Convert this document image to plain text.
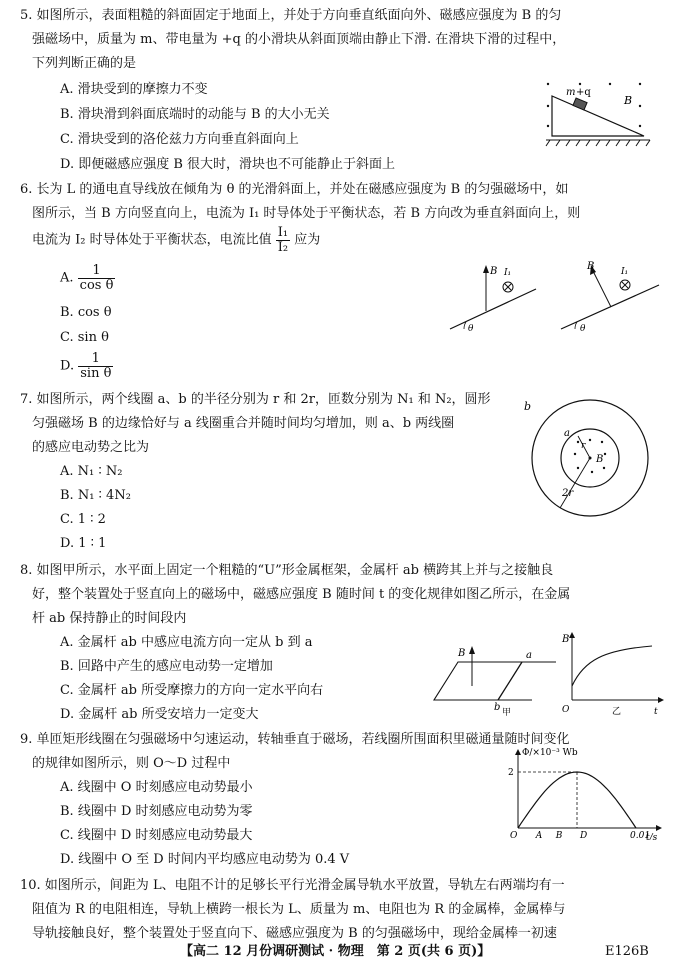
5. 如图所示，表面粗糙的斜面固定于地面上，并处于方向垂直纸面向外、磁感应强度为 B 的匀
强磁场中，质量为 m、带电量为 +q 的小滑块从斜面顶端由静止下滑. 在滑块下滑的过程中，
下列判断正确的是
A. 滑块受到的摩擦力不变
B. 滑块滑到斜面底端时的动能与 B 的大小无关
C. 滑块受到的洛伦兹力方向垂直斜面向上
D. 即便磁感应强度 B 很大时，滑块也不可能静止于斜面上
m +q
B
6. 长为 L 的通电直导线放在倾角为 θ 的光滑斜面上，并处在磁感应强度为 B 的匀强磁场中，如
图所示，当 B 方向竖直向上，电流为 I₁ 时导体处于平衡状态，若 B 方向改为垂直斜面向上，则
电流为 I₂ 时导体处于平衡状态，电流比值 $\frac{\text{I₁}}{\text{I₂}}$ 应为
A. $\frac{1}{\text{cos θ}}$
B. cos θ
C. sin θ
D. $\frac{1}{\text{sin θ}}$
B I₁
θ
B	I₁
θ
7. 如图所示，两个线圈 a、b 的半径分别为 r 和 2r，匝数分别为 N₁ 和 N₂，圆形
匀强磁场 B 的边缘恰好与 a 线圈重合并随时间均匀增加，则 a、b 两线圈
的感应电动势之比为
A. N₁ ∶ N₂
B. N₁ ∶ 4N₂
C. 1 ∶ 2
D. 1 ∶ 1
b
a
r
B
2r
8. 如图甲所示，水平面上固定一个粗糙的“U”形金属框架，金属杆 ab 横跨其上并与之接触良
好，整个装置处于竖直向上的磁场中，磁感应强度 B 随时间 t 的变化规律如图乙所示，在金属
杆 ab 保持静止的时间段内
A. 金属杆 ab 中感应电流方向一定从 b 到 a
B. 回路中产生的感应电动势一定增加
C. 金属杆 ab 所受摩擦力的方向一定水平向右
D. 金属杆 ab 所受安培力一定变大
B	a
b 甲
B
t
O	乙
9. 单匝矩形线圈在匀强磁场中匀速运动，转轴垂直于磁场，若线圈所围面积里磁通量随时间变化
的规律如图所示，则 O～D 过程中
A. 线圈中 O 时刻感应电动势最小
B. 线圈中 D 时刻感应电动势为零
C. 线圈中 D 时刻感应电动势最大
D. 线圈中 O 至 D 时间内平均感应电动势为 0.4 V
O A B D	0.01
2
Φ/×10⁻³ Wb
t/s
10. 如图所示，间距为 L、电阻不计的足够长平行光滑金属导轨水平放置，导轨左右两端均有一
阻值为 R 的电阻相连，导轨上横跨一根长为 L、质量为 m、电阻也为 R 的金属棒，金属棒与
导轨接触良好，整个装置处于竖直向下、磁感应强度为 B 的匀强磁场中，现给金属棒一初速
【高二 12 月份调研测试 · 物理　第 2 页(共 6 页)】	E126B
